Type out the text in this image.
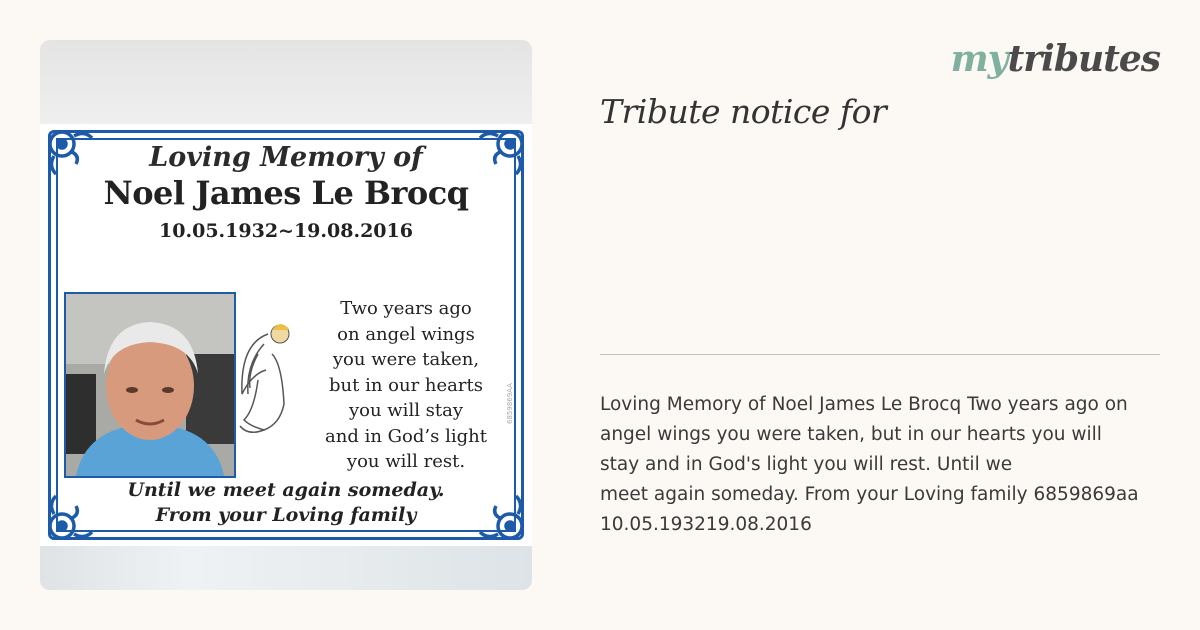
Loving Memory of
Noel James Le Brocq
10.05.1932~19.08.2016
Two years ago
on angel wings
you were taken,
but in our hearts
you will stay
and in God’s light
you will rest.
6859869AA
Until we meet again someday.
From your Loving family
mytributes
Tribute notice for
Loving Memory of Noel James Le Brocq Two years ago on
angel wings you were taken, but in our hearts you will
stay and in God's light you will rest. Until we
meet again someday. From your Loving family 6859869aa
10.05.193219.08.2016
